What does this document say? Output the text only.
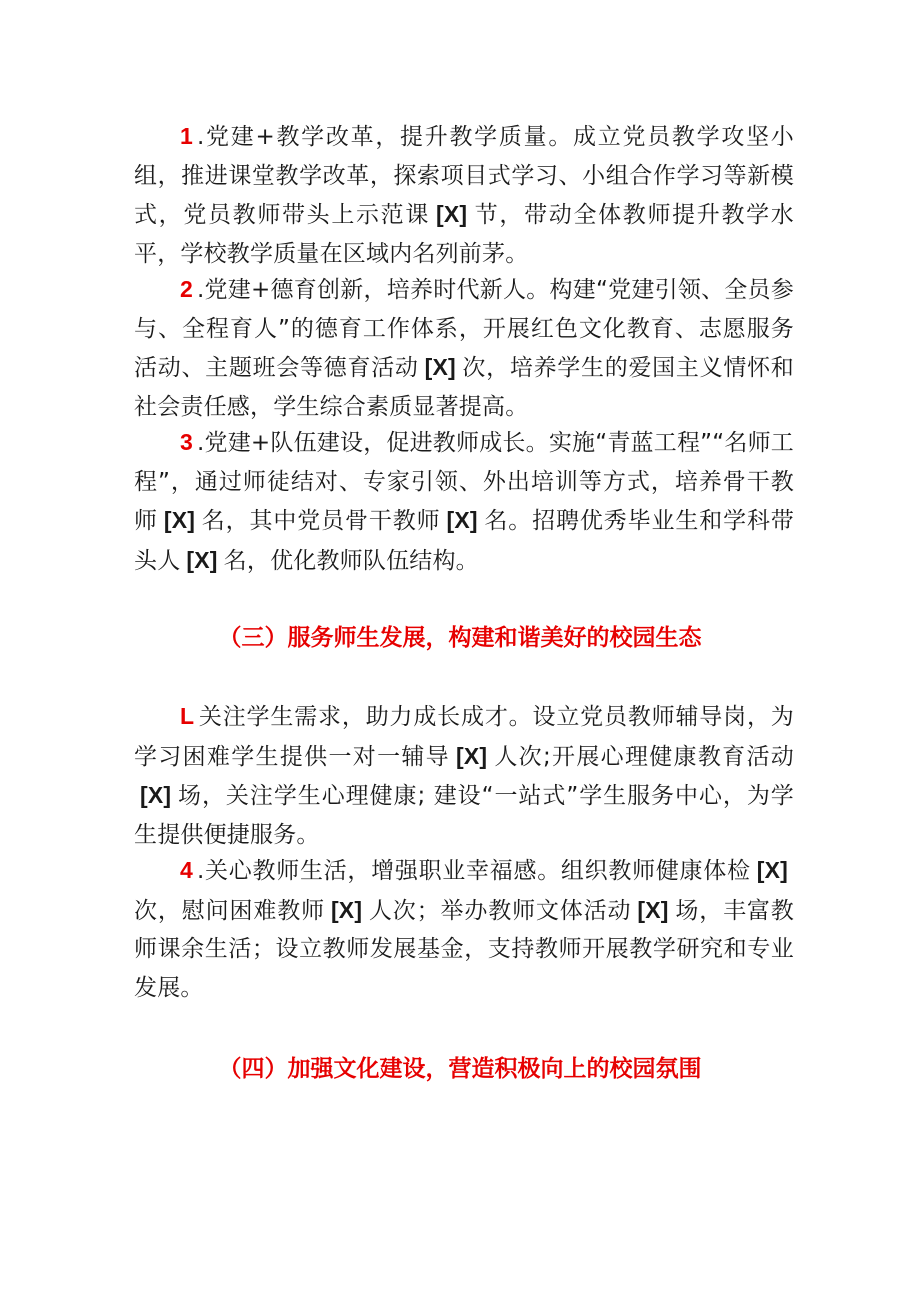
1 .党建+教学改革，提升教学质量。成立党员教学攻坚小组，推进课堂教学改革，探索项目式学习、小组合作学习等新模式，党员教师带头上示范课 [X] 节，带动全体教师提升教学水平，学校教学质量在区域内名列前茅。

2 .党建+德育创新，培养时代新人。构建“党建引领、全员参与、全程育人”的德育工作体系，开展红色文化教育、志愿服务活动、主题班会等德育活动 [X] 次，培养学生的爱国主义情怀和社会责任感，学生综合素质显著提高。

3 .党建+队伍建设，促进教师成长。实施“青蓝工程”“名师工程”，通过师徒结对、专家引领、外出培训等方式，培养骨干教师 [X] 名，其中党员骨干教师 [X] 名。招聘优秀毕业生和学科带头人 [X] 名，优化教师队伍结构。

（三）服务师生发展，构建和谐美好的校园生态

L 关注学生需求，助力成长成才。设立党员教师辅导岗，为学习困难学生提供一对一辅导 [X] 人次;开展心理健康教育活动[X] 场，关注学生心理健康; 建设“一站式”学生服务中心，为学生提供便捷服务。

4 .关心教师生活，增强职业幸福感。组织教师健康体检 [X]次，慰问困难教师 [X] 人次；举办教师文体活动 [X] 场，丰富教师课余生活；设立教师发展基金，支持教师开展教学研究和专业发展。

（四）加强文化建设，营造积极向上的校园氛围
